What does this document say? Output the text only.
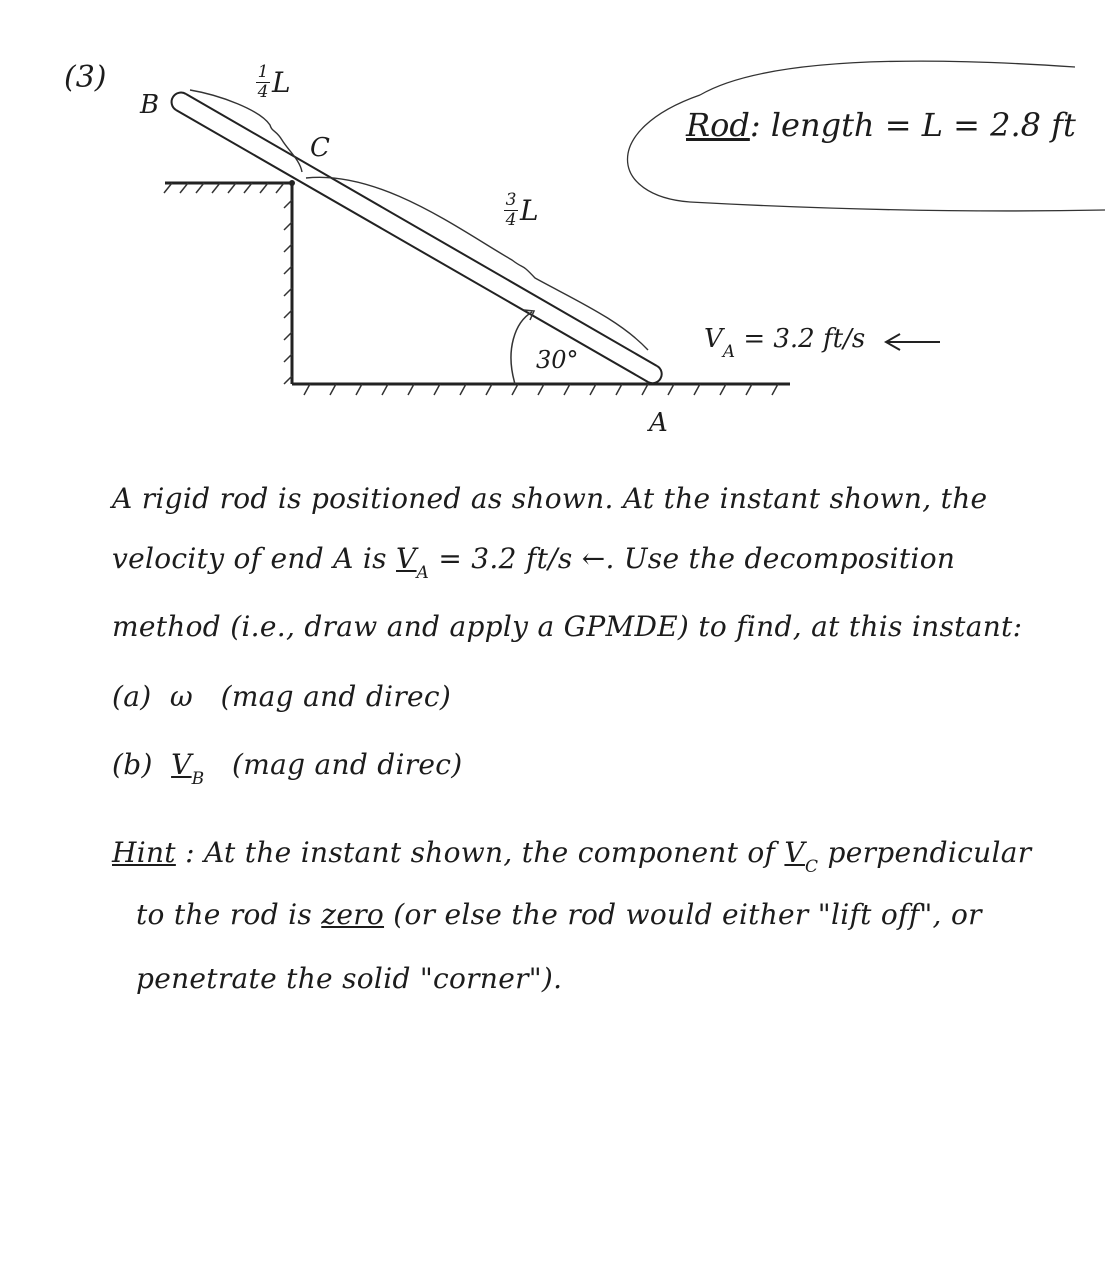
(3)
B
C
A
$\frac{1}{4}$ L
$\frac{3}{4}$ L
30°
$V_A = 3.2$ ft/s
Rod: length = L = 2.8 ft
A rigid rod is positioned as shown. At the instant shown, the
velocity of end A is $V_A = 3.2$ ft/s ←. Use the decomposition
method (i.e., draw and apply a GPMDE) to find, at this instant:
(a) ω (mag and direc)
(b) $V_B$ (mag and direc)
Hint : At the instant shown, the component of $V_C$ perpendicular
to the rod is zero (or else the rod would either "lift off", or
penetrate the solid "corner").
